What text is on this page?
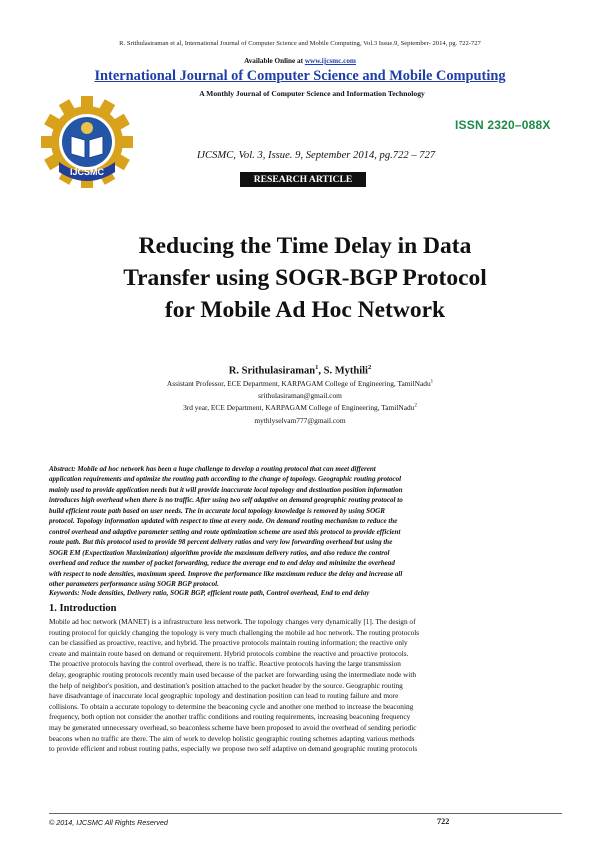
R. Srithulasiraman et al, International Journal of Computer Science and Mobile Computing, Vol.3 Issue.9, September- 2014, pg. 722-727
Available Online at www.ijcsmc.com
International Journal of Computer Science and Mobile Computing
A Monthly Journal of Computer Science and Information Technology
ISSN 2320–088X
IJCSMC
IJCSMC, Vol. 3, Issue. 9, September 2014, pg.722 – 727
RESEARCH ARTICLE
Reducing the Time Delay in Data
Transfer using SOGR-BGP Protocol
for Mobile Ad Hoc Network
R. Srithulasiraman$^1$, S. Mythili$^2$
Assistant Professor, ECE Department, KARPAGAM College of Engineering, TamilNadu$^1$
srithulasiraman@gmail.com
3rd year, ECE Department, KARPAGAM College of Engineering, TamilNadu$^2$
mythlyselvam777@gmail.com

Abstract: Mobile ad hoc network has been a huge challenge to develop a routing protocol that can meet different

application requirements and optimize the routing path according to the change of topology. Geographic routing protocol

mainly used to provide application needs but it will provide inaccurate local topology and destination position information

introduces high overhead when there is no traffic. After using two self adaptive on demand geographic routing protocol to

build efficient route path based on user needs. The in accurate local topology knowledge is removed by using SOGR

protocol. Topology information updated with respect to time at every node. On demand routing mechanism to reduce the

control overhead and adaptive parameter setting and route optimization scheme are used this protocol to provide efficient

route path. But this protocol used to provide 98 percent delivery ratios and very low forwarding overhead but using the

SOGR EM (Expectization Maximization) algorithm provide the maximum delivery ratios, and also reduce the control

overhead and reduce the number of packet forwarding, reduce the average end to end delay and minimize the overhead

with respect to node densities, maximum speed. Improve the performance like maximum reduce the delay and increase all

other parameters performance using SOGR BGP protocol.

Keywords: Node densities, Delivery ratio, SOGR BGP, efficient route path, Control overhead, End to end delay
1. Introduction

Mobile ad hoc network (MANET) is a infrastructure less network. The topology changes very dynamically [1]. The design of

routing protocol for quickly changing the topology is very much challenging the mobile ad hoc network. The routing protocols

can be classified as proactive, reactive, and hybrid. The proactive protocols maintain routing information; the reactive only

create and maintain route based on demand or requirement. Hybrid protocols combine the reactive and proactive protocols.

The proactive protocols having the control overhead, there is no traffic. Reactive protocols having the large transmission

delay, geographic routing protocols recently main used because of the packet are forwarding using the intermediate node with

the help of neighbor's position, and destination's position attached to the packet header by the source. Geographic routing

have disadvantage of inaccurate local geographic topology and destination position can lead to routing failure and more

collisions. To obtain a accurate topology to determine the beaconing cycle and another one method to increase the beaconing

frequency, both option not consider the another traffic conditions and routing requirements, increasing beaconing frequency

may be generated unnecessary overhead, so beaconless scheme have been proposed to avoid the overhead of sending periodic

beacons when no traffic are there. The aim of work to develop holistic geographic routing schemes adapting various methods

to provide efficient and robust routing paths, especially we propose two self adaptive on demand geographic routing protocols

© 2014, IJCSMC All Rights Reserved	722
